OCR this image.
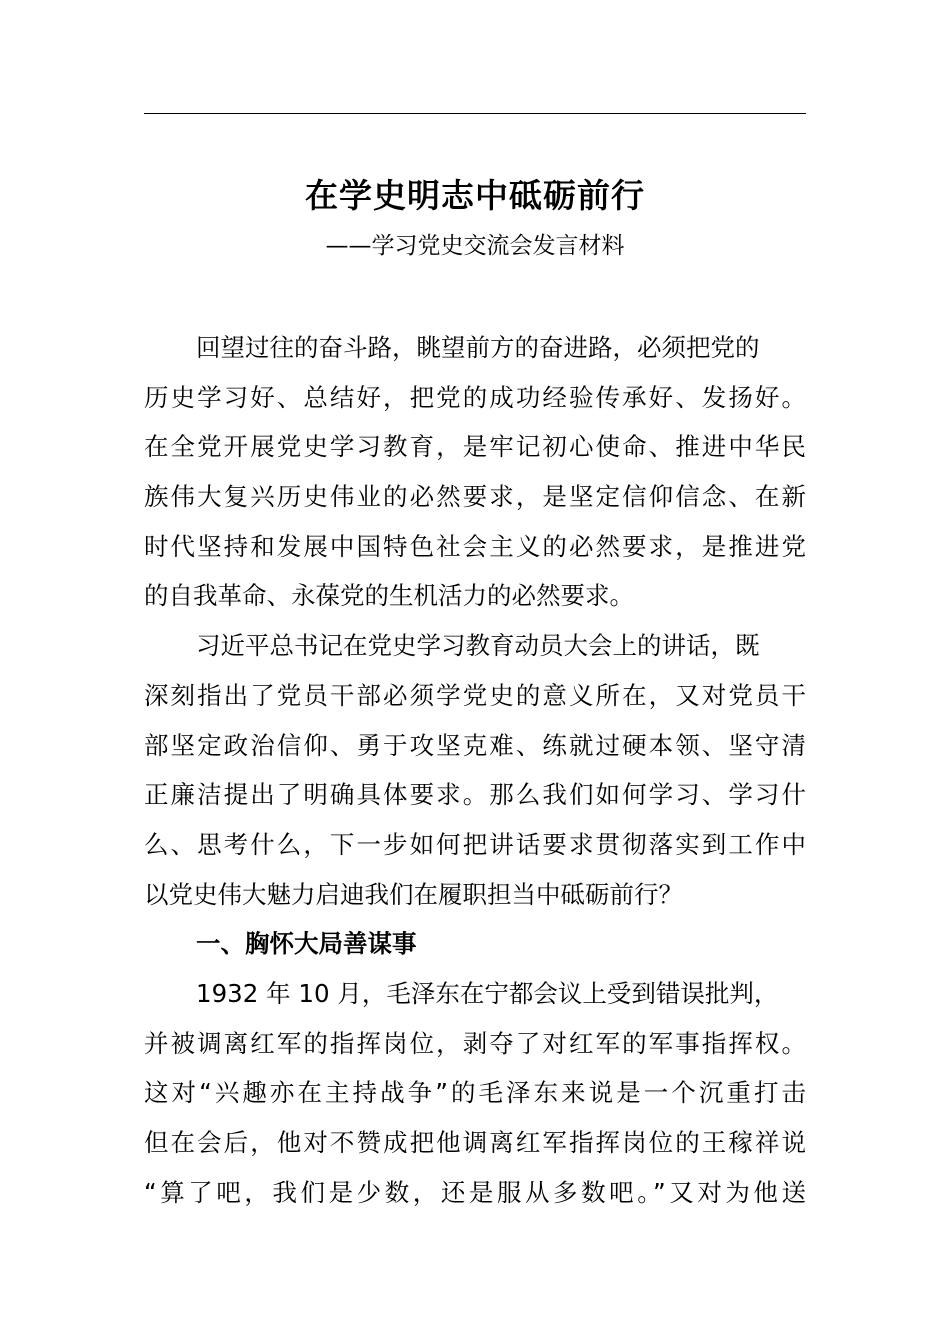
在学史明志中砥砺前行
——学习党史交流会发言材料
回望过往的奋斗路，眺望前方的奋进路，必须把党的
历史学习好、总结好，把党的成功经验传承好、发扬好。
在全党开展党史学习教育，是牢记初心使命、推进中华民
族伟大复兴历史伟业的必然要求，是坚定信仰信念、在新
时代坚持和发展中国特色社会主义的必然要求，是推进党
的自我革命、永葆党的生机活力的必然要求。
习近平总书记在党史学习教育动员大会上的讲话，既
深刻指出了党员干部必须学党史的意义所在，又对党员干
部坚定政治信仰、勇于攻坚克难、练就过硬本领、坚守清
正廉洁提出了明确具体要求。那么我们如何学习、学习什
么、思考什么，下一步如何把讲话要求贯彻落实到工作中
以党史伟大魅力启迪我们在履职担当中砥砺前行？
一、胸怀大局善谋事
1932 年 10 月，毛泽东在宁都会议上受到错误批判，
并被调离红军的指挥岗位，剥夺了对红军的军事指挥权。
这对“兴趣亦在主持战争”的毛泽东来说是一个沉重打击
但在会后，他对不赞成把他调离红军指挥岗位的王稼祥说
“算了吧，我们是少数，还是服从多数吧。”又对为他送
